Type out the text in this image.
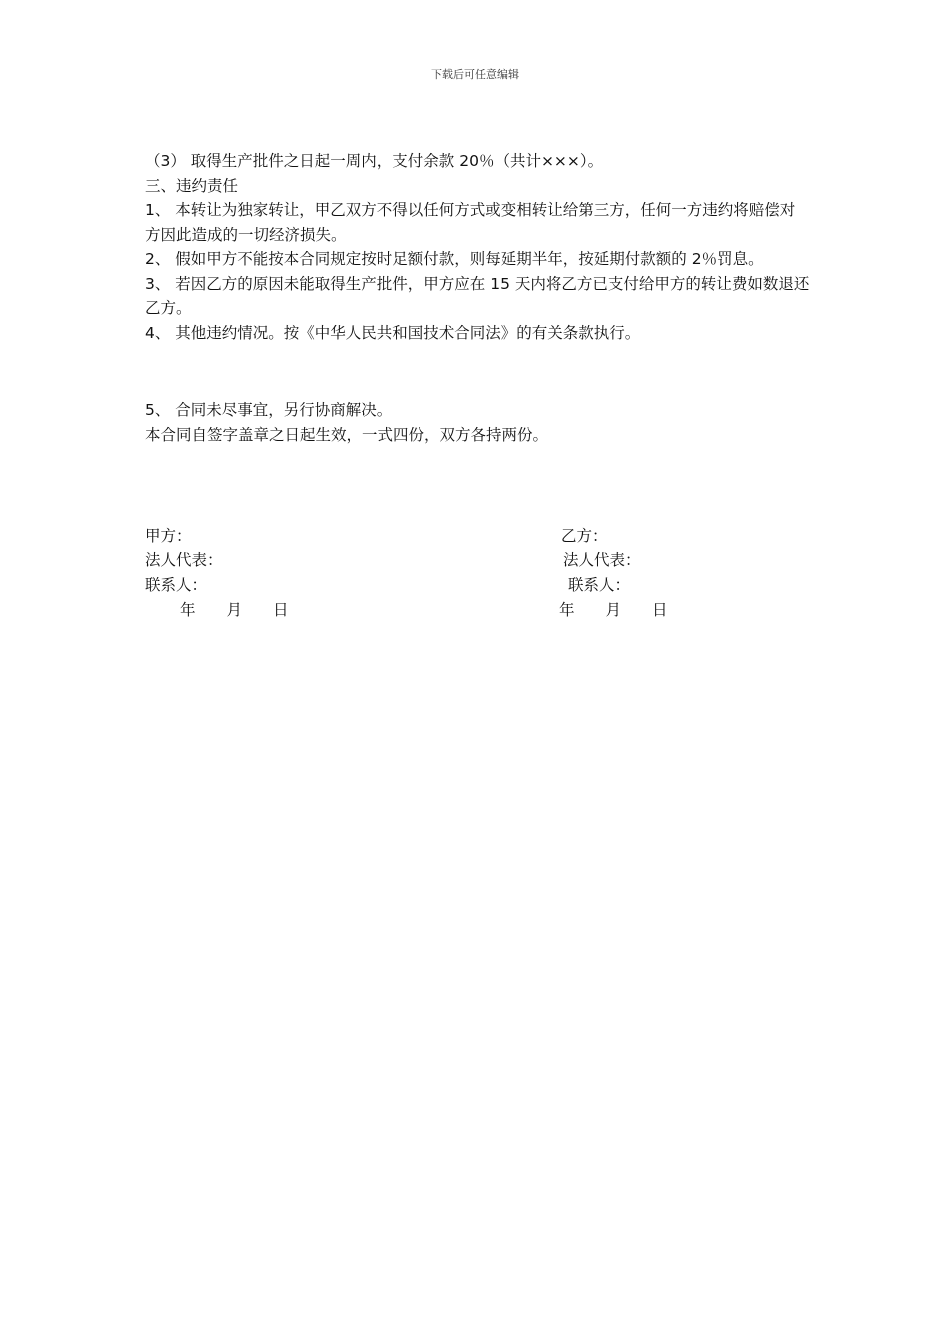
下载后可任意编辑

（3） 取得生产批件之日起一周内，支付余款 20％（共计×××）。

三、违约责任

1、 本转让为独家转让，甲乙双方不得以任何方式或变相转让给第三方，任何一方违约将赔偿对方因此造成的一切经济损失。

2、 假如甲方不能按本合同规定按时足额付款，则每延期半年，按延期付款额的 2％罚息。

3、 若因乙方的原因未能取得生产批件，甲方应在 15 天内将乙方已支付给甲方的转让费如数退还乙方。

4、 其他违约情况。按《中华人民共和国技术合同法》的有关条款执行。

5、 合同未尽事宜，另行协商解决。

本合同自签字盖章之日起生效，一式四份，双方各持两份。

甲方：
法人代表：
联系人：
年　　月　　日
乙方：
法人代表：
联系人：
年　　月　　日
